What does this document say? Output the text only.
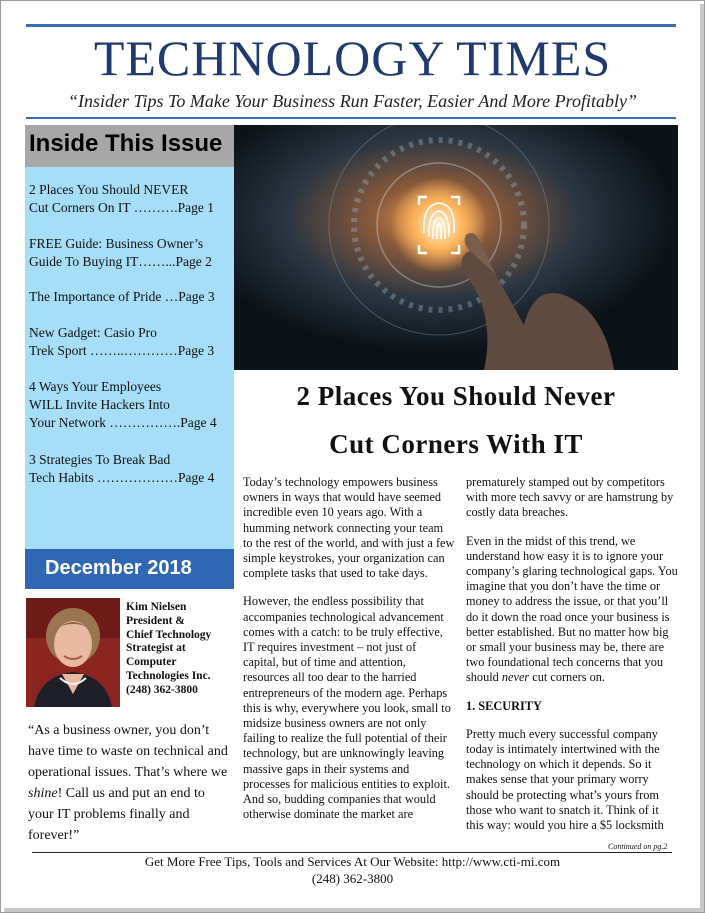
TECHNOLOGY TIMES
“Insider Tips To Make Your Business Run Faster, Easier And More Profitably”
Inside This Issue
2 Places You Should NEVER
Cut Corners On IT ……….Page 1
FREE Guide: Business Owner’s
Guide To Buying IT……...Page 2
The Importance of Pride …Page 3
New Gadget: Casio Pro
Trek Sport ……..…………Page 3
4 Ways Your Employees
WILL Invite Hackers Into
Your Network …………….Page 4
3 Strategies To Break Bad
Tech Habits ………………Page 4
December 2018
Kim Nielsen
President &
Chief Technology
Strategist at
Computer
Technologies Inc.
(248) 362-3800
“As a business owner, you don’t have time to waste on technical and operational issues. That’s where we shine! Call us and put an end to your IT problems finally and forever!”
2 Places You Should Never
Cut Corners With IT

Today’s technology empowers business owners in ways that would have seemed incredible even 10 years ago. With a humming network connecting your team to the rest of the world, and with just a few simple keystrokes, your organization can complete tasks that used to take days.

However, the endless possibility that accompanies technological advancement comes with a catch: to be truly effective, IT requires investment – not just of capital, but of time and attention, resources all too dear to the harried entrepreneurs of the modern age. Perhaps this is why, everywhere you look, small to midsize business owners are not only failing to realize the full potential of their technology, but are unknowingly leaving massive gaps in their systems and processes for malicious entities to exploit. And so, budding companies that would otherwise dominate the market are

prematurely stamped out by competitors with more tech savvy or are hamstrung by costly data breaches.

Even in the midst of this trend, we understand how easy it is to ignore your company’s glaring technological gaps. You imagine that you don’t have the time or money to address the issue, or that you’ll do it down the road once your business is better established. But no matter how big or small your business may be, there are two foundational tech concerns that you should never cut corners on.

1. SECURITY

Pretty much every successful company today is intimately intertwined with the technology on which it depends. So it makes sense that your primary worry should be protecting what’s yours from those who want to snatch it. Think of it this way: would you hire a $5 locksmith

Continued on pg.2
Get More Free Tips, Tools and Services At Our Website: http://www.cti-mi.com
(248) 362-3800
